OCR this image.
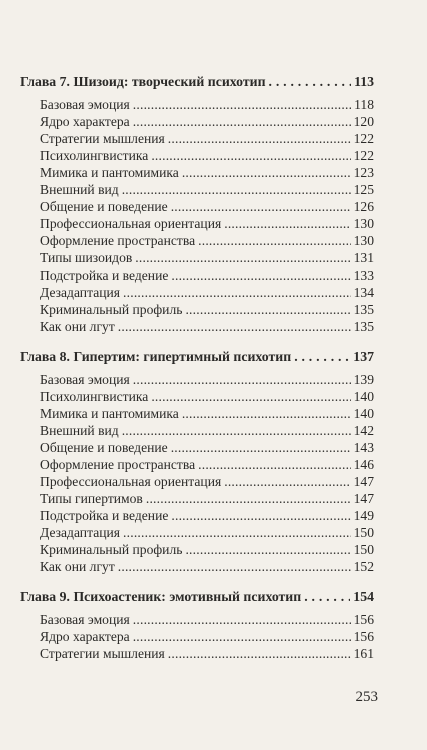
Глава 7. Шизоид: творческий психотип . . .	113
Базовая эмоция . . .	118
Ядро характера . . .	120
Стратегии мышления . . .	122
Психолингвистика . . .	122
Мимика и пантомимика . . .	123
Внешний вид . . .	125
Общение и поведение . . .	126
Профессиональная ориентация . . .	130
Оформление пространства . . .	130
Типы шизоидов . . .	131
Подстройка и ведение . . .	133
Дезадаптация . . .	134
Криминальный профиль . . .	135
Как они лгут . . .	135
Глава 8. Гипертим: гипертимный психотип . . .	137
Базовая эмоция . . .	139
Психолингвистика . . .	140
Мимика и пантомимика . . .	140
Внешний вид . . .	142
Общение и поведение . . .	143
Оформление пространства . . .	146
Профессиональная ориентация . . .	147
Типы гипертимов . . .	147
Подстройка и ведение . . .	149
Дезадаптация . . .	150
Криминальный профиль . . .	150
Как они лгут . . .	152
Глава 9. Психоастеник: эмотивный психотип . . .	154
Базовая эмоция . . .	156
Ядро характера . . .	156
Стратегии мышления . . .	161
253
